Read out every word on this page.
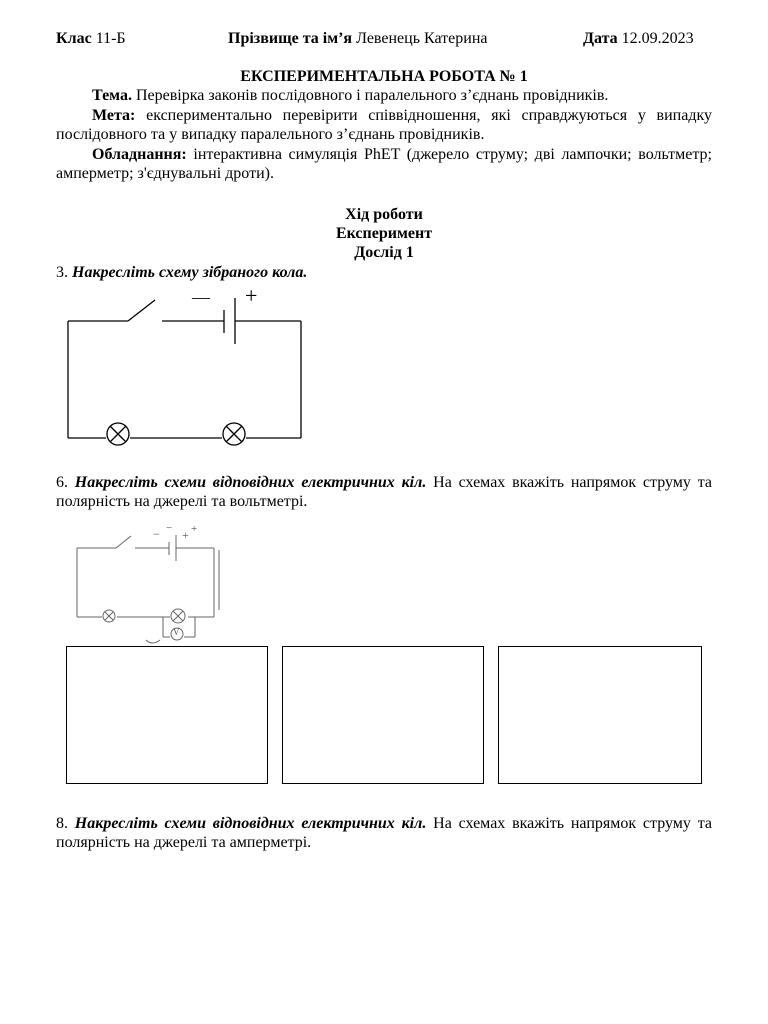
Клас 11-Б	Прізвище та ім’я Левенець Катерина	Дата 12.09.2023
ЕКСПЕРИМЕНТАЛЬНА РОБОТА № 1
Тема. Перевірка законів послідовного і паралельного з’єднань провідників.
Мета: експериментально перевірити співвідношення, які справджуються у випадку послідовного та у випадку паралельного з’єднань провідників.
Обладнання: інтерактивна симуляція PhET (джерело струму; дві лампочки; вольтметр; амперметр; з'єднувальні дроти).
Хід роботи
Експеримент
Дослід 1
3. Накресліть схему зібраного кола.
— +
6. Накресліть схеми відповідних електричних кіл. На схемах вкажіть напрямок струму та полярність на джерелі та вольтметрі.
− − + +
V
8. Накресліть схеми відповідних електричних кіл. На схемах вкажіть напрямок струму та полярність на джерелі та амперметрі.
